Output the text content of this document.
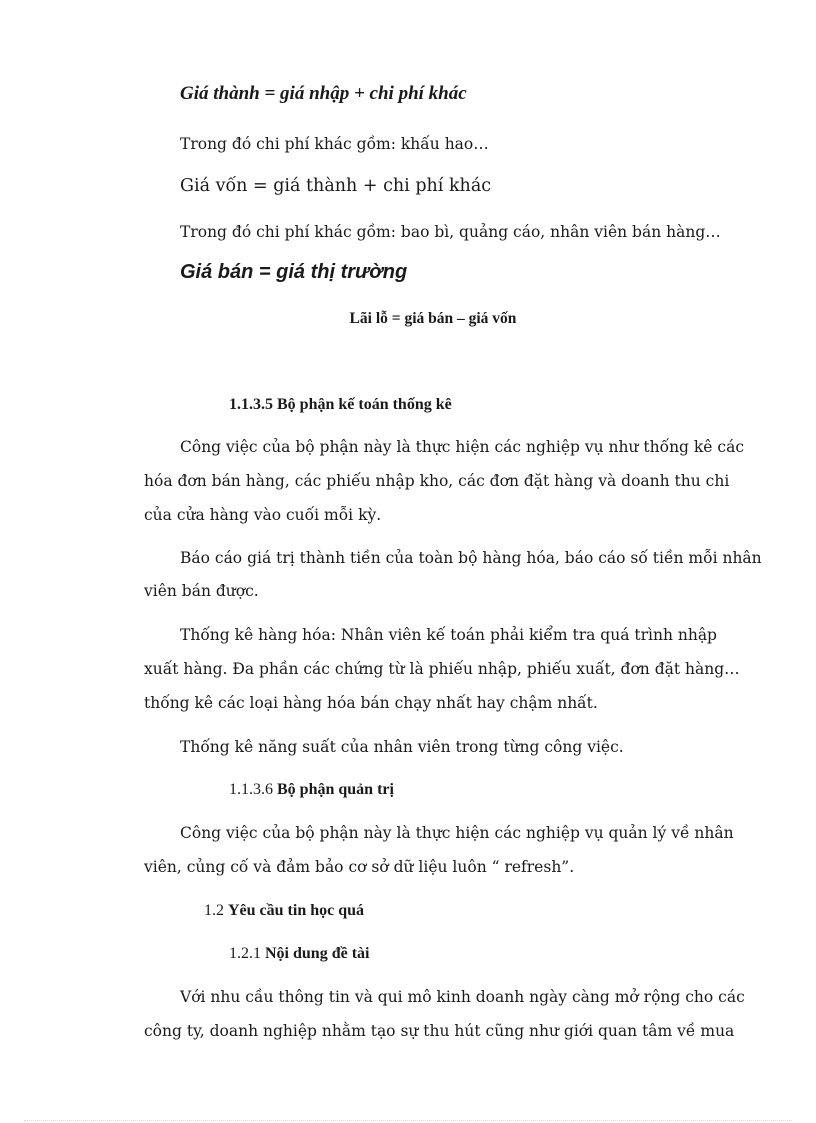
Giá thành = giá nhập + chi phí khác
Trong đó chi phí khác gồm: khấu hao…
Giá vốn = giá thành + chi phí khác
Trong đó chi phí khác gồm: bao bì, quảng cáo, nhân viên bán hàng…
Giá bán = giá thị trường
Lãi lỗ = giá bán – giá vốn
1.1.3.5 Bộ phận kế toán thống kê
Công việc của bộ phận này là thực hiện các nghiệp vụ như thống kê các
hóa đơn bán hàng, các phiếu nhập kho, các đơn đặt hàng và doanh thu chi
của cửa hàng vào cuối mỗi kỳ.
Báo cáo giá trị thành tiền của toàn bộ hàng hóa, báo cáo số tiền mỗi nhân
viên bán được.
Thống kê hàng hóa: Nhân viên kế toán phải kiểm tra quá trình nhập
xuất hàng. Đa phần các chứng từ là phiếu nhập, phiếu xuất, đơn đặt hàng…
thống kê các loại hàng hóa bán chạy nhất hay chậm nhất.
Thống kê năng suất của nhân viên trong từng công việc.
1.1.3.6 Bộ phận quản trị
Công việc của bộ phận này là thực hiện các nghiệp vụ quản lý về nhân
viên, củng cố và đảm bảo cơ sở dữ liệu luôn “ refresh”.
1.2 Yêu cầu tin học quá
1.2.1 Nội dung đề tài
Với nhu cầu thông tin và qui mô kinh doanh ngày càng mở rộng cho các
công ty, doanh nghiệp nhằm tạo sự thu hút cũng như giới quan tâm về mua
